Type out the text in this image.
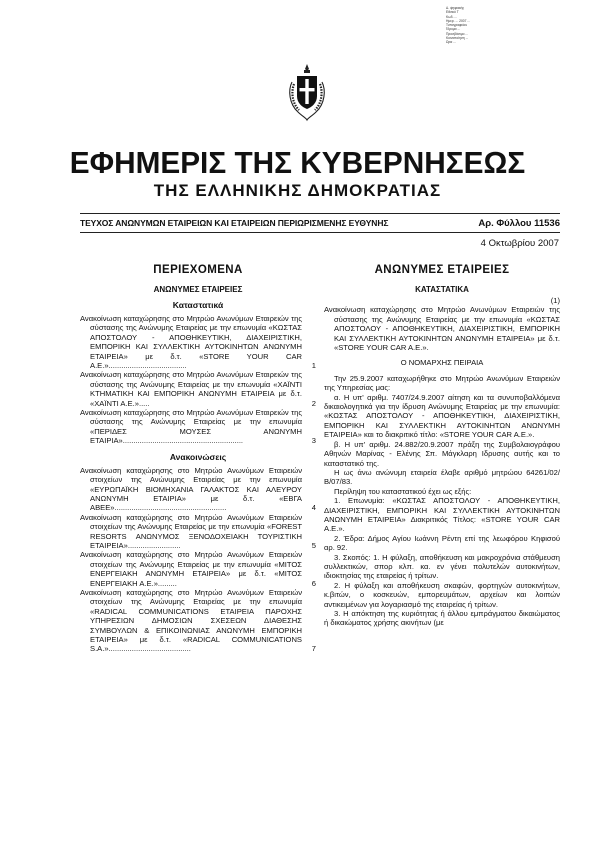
Δ. ψηφιακής
Εθνικό Τ
Κωδ. ...
Ημερ. ... 2007 ...
Τυπογραφείου
Ίδρυμα ...
Προσβάσιμο ...
Κοινοποίηση ...
Ωρα ...
ΕΦΗΜΕΡΙΣ ΤΗΣ ΚΥΒΕΡΝΗΣΕΩΣ
ΤΗΣ ΕΛΛΗΝΙΚΗΣ ΔΗΜΟΚΡΑΤΙΑΣ
ΤΕΥΧΟΣ ΑΝΩΝΥΜΩΝ ΕΤΑΙΡΕΙΩΝ ΚΑΙ ΕΤΑΙΡΕΙΩΝ ΠΕΡΙΩΡΙΣΜΕΝΗΣ ΕΥΘΥΝΗΣ	Αρ. Φύλλου 11536
4 Οκτωβρίου 2007
ΠΕΡΙΕΧΟΜΕΝΑ
ΑΝΩΝΥΜΕΣ ΕΤΑΙΡΕΙΕΣ
Καταστατικά
Ανακοίνωση καταχώρησης στο Μητρώο Ανωνύμων Εταιρειών της σύστασης της Ανώνυμης Εταιρείας με την επωνυμία «ΚΩΣΤΑΣ ΑΠΟΣΤΟΛΟΥ - ΑΠΟΘΗΚΕΥΤΙΚΗ, ΔΙΑΧΕΙΡΙΣΤΙΚΗ, ΕΜΠΟΡΙΚΗ ΚΑΙ ΣΥΛΛΕΚΤΙΚΗ ΑΥΤΟΚΙΝΗΤΩΝ ΑΝΩΝΥΜΗ ΕΤΑΙΡΕΙΑ» με δ.τ. «STORE YOUR CAR A.E.».....................................	1
Ανακοίνωση καταχώρησης στο Μητρώο Ανωνύμων Εταιρειών της σύστασης της Ανώνυμης Εταιρείας με την επωνυμία «ΧΑΪΝΤΙ ΚΤΗΜΑΤΙΚΗ ΚΑΙ ΕΜΠΟΡΙΚΗ ΑΝΩΝΥΜΗ ΕΤΑΙΡΕΙΑ με δ.τ. «ΧΑΪΝΤΙ Α.Ε.».....	2
Ανακοίνωση καταχώρησης στο Μητρώο Ανωνύμων Εταιρειών της σύστασης της Ανώνυμης Εταιρείας με την επωνυμία «ΠΕΡΙΔΕΣ ΜΟΥΣΕΣ ΑΝΩΝΥΜΗ ΕΤΑΙΡΙΑ».........................................................	3
Ανακοινώσεις
Ανακοίνωση καταχώρησης στο Μητρώο Ανωνύμων Εταιρειών στοιχείων της Ανώνυμης Εταιρείας με την επωνυμία «ΕΥΡΩΠΑΪΚΗ ΒΙΟΜΗΧΑΝΙΑ ΓΑΛΑΚΤΟΣ ΚΑΙ ΑΛΕΥΡΟΥ ΑΝΩΝΥΜΗ ΕΤΑΙΡΙΑ» με δ.τ. «ΕΒΓΑ ΑΒΕΕ».....................................................	4
Ανακοίνωση καταχώρησης στο Μητρώο Ανωνύμων Εταιρειών στοιχείων της Ανώνυμης Εταιρείας με την επωνυμία «FOREST RESORTS ΑΝΩΝΥΜΟΣ ΞΕΝΟΔΟΧΕΙΑΚΗ ΤΟΥΡΙΣΤΙΚΗ ΕΤΑΙΡΕΙΑ».........................	5
Ανακοίνωση καταχώρησης στο Μητρώο Ανωνύμων Εταιρειών στοιχείων της Ανώνυμης Εταιρείας με την επωνυμία «ΜΙΤΟΣ ΕΝΕΡΓΕΙΑΚΗ ΑΝΩΝΥΜΗ ΕΤΑΙΡΕΙΑ» με δ.τ. «ΜΙΤΟΣ ΕΝΕΡΓΕΙΑΚΗ Α.Ε.».........	6
Ανακοίνωση καταχώρησης στο Μητρώο Ανωνύμων Εταιρειών στοιχείων της Ανώνυμης Εταιρείας με την επωνυμία «RADICAL COMMUNICATIONS ΕΤΑΙΡΕΙΑ ΠΑΡΟΧΗΣ ΥΠΗΡΕΣΙΩΝ ΔΗΜΟΣΙΩΝ ΣΧΕΣΕΩΝ ΔΙΑΘΕΣΗΣ ΣΥΜΒΟΥΛΩΝ & ΕΠΙΚΟΙΝΩΝΙΑΣ ΑΝΩΝΥΜΗ ΕΜΠΟΡΙΚΗ ΕΤΑΙΡΕΙΑ» με δ.τ. «RADICAL COMMUNICATIONS S.A.».......................................	7
ΑΝΩΝΥΜΕΣ ΕΤΑΙΡΕΙΕΣ
ΚΑΤΑΣΤΑΤΙΚΑ
(1)

Ανακοίνωση καταχώρησης στο Μητρώο Ανωνύμων Εταιρειών της σύστασης της Ανώνυμης Εταιρείας με την επωνυμία «ΚΩΣΤΑΣ ΑΠΟΣΤΟΛΟΥ - ΑΠΟΘΗΚΕΥΤΙΚΗ, ΔΙΑΧΕΙΡΙΣΤΙΚΗ, ΕΜΠΟΡΙΚΗ ΚΑΙ ΣΥΛΛΕΚΤΙΚΗ ΑΥΤΟΚΙΝΗΤΩΝ ΑΝΩΝΥΜΗ ΕΤΑΙΡΕΙΑ» με δ.τ. «STORE YOUR CAR A.E.».

Ο ΝΟΜΑΡΧΗΣ ΠΕΙΡΑΙΑ

Την 25.9.2007 καταχωρήθηκε στο Μητρώο Ανωνύμων Εταιρειών της Υπηρεσίας μας:

α. Η υπ' αριθμ. 7407/24.9.2007 αίτηση και τα συνυποβαλλόμενα δικαιολογητικά για την ίδρυση Ανώνυμης Εταιρείας με την επωνυμία: «ΚΩΣΤΑΣ ΑΠΟΣΤΟΛΟΥ - ΑΠΟΘΗΚΕΥΤΙΚΗ, ΔΙΑΧΕΙΡΙΣΤΙΚΗ, ΕΜΠΟΡΙΚΗ ΚΑΙ ΣΥΛΛΕΚΤΙΚΗ ΑΥΤΟΚΙΝΗΤΩΝ ΑΝΩΝΥΜΗ ΕΤΑΙΡΕΙΑ» και το διακριτικό τίτλο: «STORE YOUR CAR A.E.».

β. Η υπ' αριθμ. 24.882/20.9.2007 πράξη της Συμβολαιογράφου Αθηνών Μαρίνας - Ελένης Σπ. Μάγκλαρη Ιδρυσης αυτής και το καταστατικό της.

Η ως άνω ανώνυμη εταιρεία έλαβε αριθμό μητρώου 64261/02/Β/07/83.

Περίληψη του καταστατικού έχει ως εξής:

1. Επωνυμία: «ΚΩΣΤΑΣ ΑΠΟΣΤΟΛΟΥ - ΑΠΟΘΗΚΕΥΤΙΚΗ, ΔΙΑΧΕΙΡΙΣΤΙΚΗ, ΕΜΠΟΡΙΚΗ ΚΑΙ ΣΥΛΛΕΚΤΙΚΗ ΑΥΤΟΚΙΝΗΤΩΝ ΑΝΩΝΥΜΗ ΕΤΑΙΡΕΙΑ» Διακριτικός Τίτλος: «STORE YOUR CAR A.E.».

2. Έδρα: Δήμος Αγίου Ιωάννη Ρέντη επί της λεωφόρου Κηφισού αρ. 92.

3. Σκοπός: 1. Η φύλαξη, αποθήκευση και μακροχρόνια στάθμευση συλλεκτικών, σπορ κλπ. κα. εν γένει πολυτελών αυτοκινήτων, ιδιοκτησίας της εταιρείας ή τρίτων.

2. Η φύλαξη και αποθήκευση σκαφών, φορτηγών αυτοκινήτων, κ.βιτών, ο κοσκευών, εμπορευμάτων, αρχείων και λοιπών αντικειμένων για λογαριασμό της εταιρείας ή τρίτων.

3. Η απόκτηση της κυριότητας ή άλλου εμπράγματου δικαιώματος ή δικαιώματος χρήσης ακινήτων (με
